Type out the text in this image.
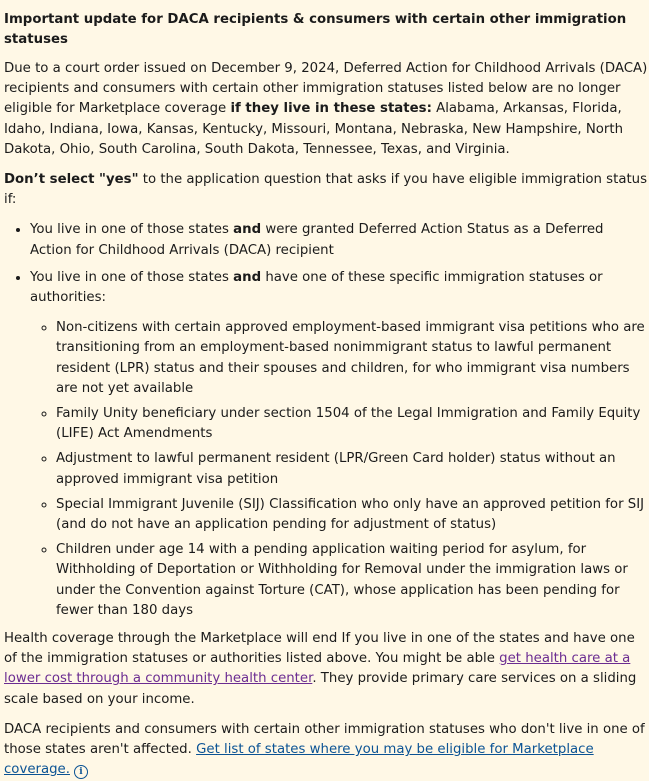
Important update for DACA recipients & consumers with certain other immigration statuses

Due to a court order issued on December 9, 2024, Deferred Action for Childhood Arrivals (DACA) recipients and consumers with certain other immigration statuses listed below are no longer eligible for Marketplace coverage if they live in these states: Alabama, Arkansas, Florida, Idaho, Indiana, Iowa, Kansas, Kentucky, Missouri, Montana, Nebraska, New Hampshire, North Dakota, Ohio, South Carolina, South Dakota, Tennessee, Texas, and Virginia.

Don’t select "yes" to the application question that asks if you have eligible immigration status if:

• You live in one of those states and were granted Deferred Action Status as a Deferred Action for Childhood Arrivals (DACA) recipient
• You live in one of those states and have one of these specific immigration statuses or authorities:
◦ Non-citizens with certain approved employment-based immigrant visa petitions who are transitioning from an employment-based nonimmigrant status to lawful permanent resident (LPR) status and their spouses and children, for who immigrant visa numbers are not yet available
◦ Family Unity beneficiary under section 1504 of the Legal Immigration and Family Equity (LIFE) Act Amendments
◦ Adjustment to lawful permanent resident (LPR/Green Card holder) status without an approved immigrant visa petition
◦ Special Immigrant Juvenile (SIJ) Classification who only have an approved petition for SIJ (and do not have an application pending for adjustment of status)
◦ Children under age 14 with a pending application waiting period for asylum, for Withholding of Deportation or Withholding for Removal under the immigration laws or under the Convention against Torture (CAT), whose application has been pending for fewer than 180 days

Health coverage through the Marketplace will end If you live in one of the states and have one of the immigration statuses or authorities listed above. You might be able get health care at a lower cost through a community health center. They provide primary care services on a sliding scale based on your income.

DACA recipients and consumers with certain other immigration statuses who don't live in one of those states aren't affected. Get list of states where you may be eligible for Marketplace coverage. i
